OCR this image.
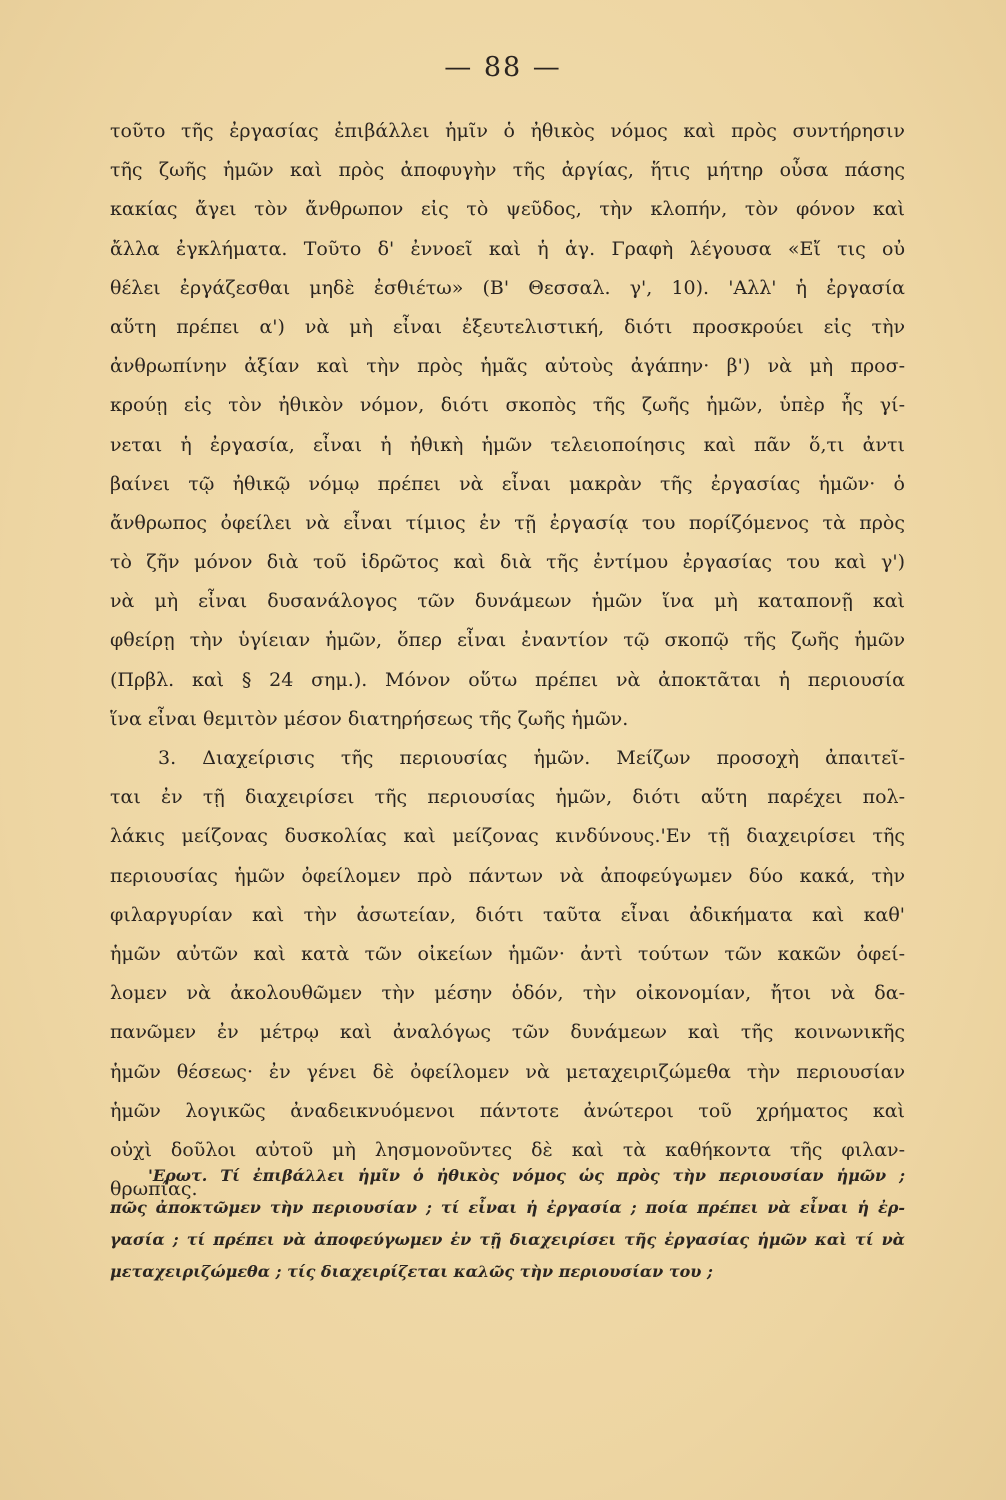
— 88 —
τοῦτο τῆς ἐργασίας ἐπιβάλλει ἡμῖν ὁ ἠθικὸς νόμος καὶ πρὸς συντήρησιν
τῆς ζωῆς ἡμῶν καὶ πρὸς ἀποφυγὴν τῆς ἀργίας, ἥτις μήτηρ οὖσα πάσης
κακίας ἄγει τὸν ἄνθρωπον εἰς τὸ ψεῦδος, τὴν κλοπήν, τὸν φόνον καὶ
ἄλλα ἐγκλήματα. Τοῦτο δ' ἐννοεῖ καὶ ἡ ἁγ. Γραφὴ λέγουσα «Εἴ τις οὐ
θέλει ἐργάζεσθαι μηδὲ ἐσθιέτω» (Β' Θεσσαλ. γ', 10). 'Αλλ' ἡ ἐργασία
αὕτη πρέπει α') νὰ μὴ εἶναι ἐξευτελιστική, διότι προσκρούει εἰς τὴν
ἀνθρωπίνην ἀξίαν καὶ τὴν πρὸς ἡμᾶς αὐτοὺς ἀγάπην· β') νὰ μὴ προσ-
κρούῃ εἰς τὸν ἠθικὸν νόμον, διότι σκοπὸς τῆς ζωῆς ἡμῶν, ὑπὲρ ἧς γί-
νεται ἡ ἐργασία, εἶναι ἡ ἠθικὴ ἡμῶν τελειοποίησις καὶ πᾶν ὅ,τι ἀντι
βαίνει τῷ ἠθικῷ νόμῳ πρέπει νὰ εἶναι μακρὰν τῆς ἐργασίας ἡμῶν· ὁ
ἄνθρωπος ὀφείλει νὰ εἶναι τίμιος ἐν τῇ ἐργασίᾳ του πορίζόμενος τὰ πρὸς
τὸ ζῆν μόνον διὰ τοῦ ἱδρῶτος καὶ διὰ τῆς ἐντίμου ἐργασίας του καὶ γ')
νὰ μὴ εἶναι δυσανάλογος τῶν δυνάμεων ἡμῶν ἵνα μὴ καταπονῇ καὶ
φθείρῃ τὴν ὑγίειαν ἡμῶν, ὅπερ εἶναι ἐναντίον τῷ σκοπῷ τῆς ζωῆς ἡμῶν
(Πρβλ. καὶ § 24 σημ.). Μόνον οὕτω πρέπει νὰ ἀποκτᾶται ἡ περιουσία
ἵνα εἶναι θεμιτὸν μέσον διατηρήσεως τῆς ζωῆς ἡμῶν.
3. Διαχείρισις τῆς περιουσίας ἡμῶν. Μείζων προσοχὴ ἀπαιτεῖ-
ται ἐν τῇ διαχειρίσει τῆς περιουσίας ἡμῶν, διότι αὕτη παρέχει πολ-
λάκις μείζονας δυσκολίας καὶ μείζονας κινδύνους.'Εν τῇ διαχειρίσει τῆς
περιουσίας ἡμῶν ὀφείλομεν πρὸ πάντων νὰ ἀποφεύγωμεν δύο κακά, τὴν
φιλαργυρίαν καὶ τὴν ἀσωτείαν, διότι ταῦτα εἶναι ἀδικήματα καὶ καθ'
ἡμῶν αὐτῶν καὶ κατὰ τῶν οἰκείων ἡμῶν· ἀντὶ τούτων τῶν κακῶν ὀφεί-
λομεν νὰ ἀκολουθῶμεν τὴν μέσην ὁδόν, τὴν οἰκονομίαν, ἤτοι νὰ δα-
πανῶμεν ἐν μέτρῳ καὶ ἀναλόγως τῶν δυνάμεων καὶ τῆς κοινωνικῆς
ἡμῶν θέσεως· ἐν γένει δὲ ὀφείλομεν νὰ μεταχειριζώμεθα τὴν περιουσίαν
ἡμῶν λογικῶς ἀναδεικνυόμενοι πάντοτε ἀνώτεροι τοῦ χρήματος καὶ
οὐχὶ δοῦλοι αὐτοῦ μὴ λησμονοῦντες δὲ καὶ τὰ καθήκοντα τῆς φιλαν-
θρωπίας.
'Ερωτ. Τί ἐπιβάλλει ἡμῖν ὁ ἠθικὸς νόμος ὡς πρὸς τὴν περιουσίαν ἡμῶν ;
πῶς ἀποκτῶμεν τὴν περιουσίαν ; τί εἶναι ἡ ἐργασία ; ποία πρέπει νὰ εἶναι ἡ ἐρ-
γασία ; τί πρέπει νὰ ἀποφεύγωμεν ἐν τῇ διαχειρίσει τῆς ἐργασίας ἡμῶν καὶ τί νὰ
μεταχειριζώμεθα ; τίς διαχειρίζεται καλῶς τὴν περιουσίαν του ;
